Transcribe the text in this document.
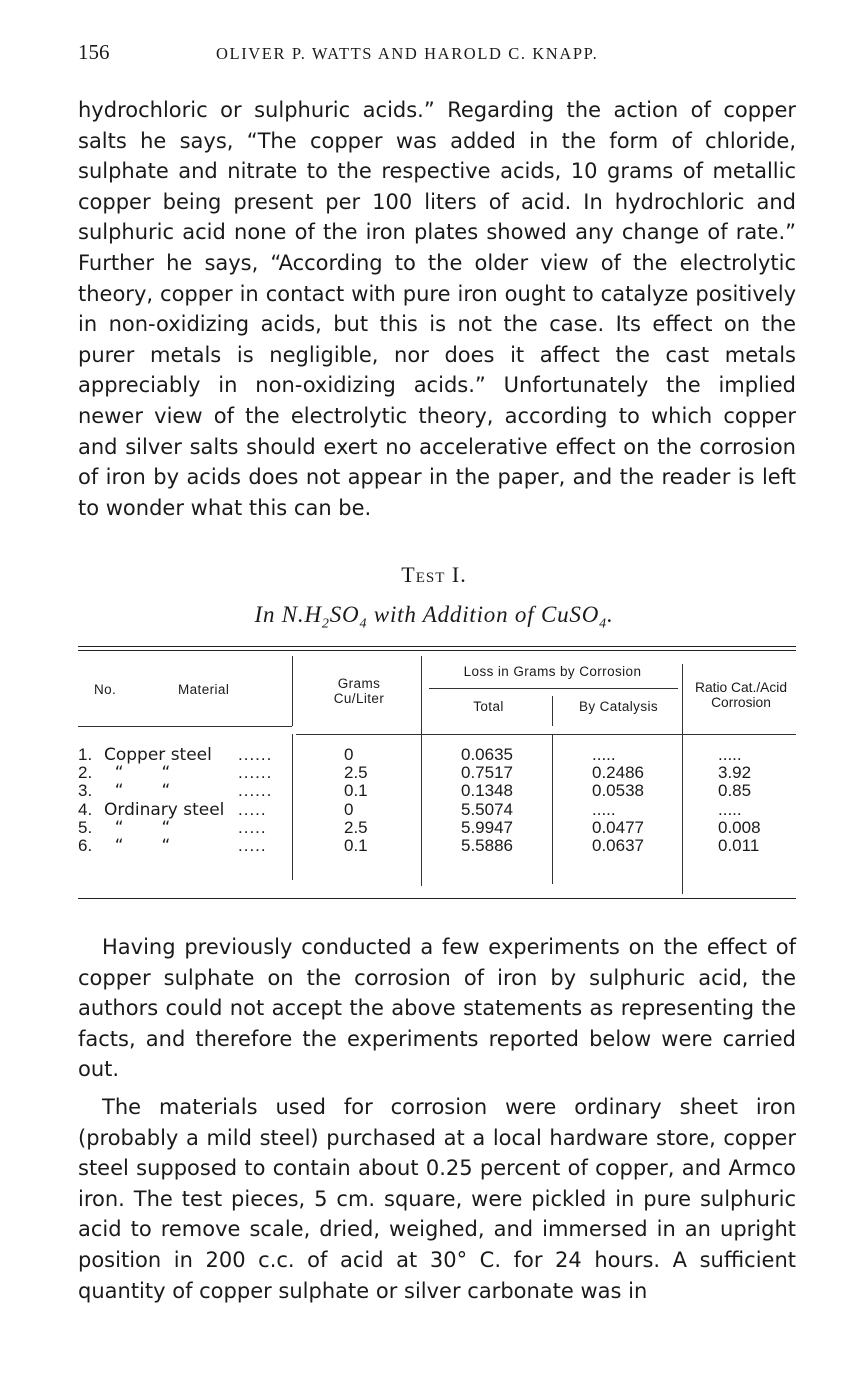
156	OLIVER P. WATTS AND HAROLD C. KNAPP.

hydrochloric or sulphuric acids.” Regarding the action of copper salts he says, “The copper was added in the form of chloride, sulphate and nitrate to the respective acids, 10 grams of metallic copper being present per 100 liters of acid. In hydrochloric and sulphuric acid none of the iron plates showed any change of rate.” Further he says, “According to the older view of the electrolytic theory, copper in contact with pure iron ought to catalyze positively in non-oxidizing acids, but this is not the case. Its effect on the purer metals is negligible, nor does it affect the cast metals appreciably in non-oxidizing acids.” Unfortunately the implied newer view of the electrolytic theory, according to which copper and silver salts should exert no accelerative effect on the corrosion of iron by acids does not appear in the paper, and the reader is left to wonder what this can be.

Test I.
In $N.H_2SO_4$ with Addition of CuSO$_4$.
No.	Material	Grams
Cu/Liter
Loss in Grams by Corrosion
Total	By Catalysis
Ratio Cat./Acid
Corrosion
1. Copper steel ......	0	0.0635	.....	.....
2. “       “	......	2.5	0.7517	0.2486	3.92
3. “       “	......	0.1	0.1348	0.0538	0.85
4. Ordinary steel .....	0	5.5074	.....	.....
5. “       “	.....	2.5	5.9947	0.0477	0.008
6. “       “	.....	0.1	5.5886	0.0637	0.011

Having previously conducted a few experiments on the effect of copper sulphate on the corrosion of iron by sulphuric acid, the authors could not accept the above statements as representing the facts, and therefore the experiments reported below were carried out.

The materials used for corrosion were ordinary sheet iron (probably a mild steel) purchased at a local hardware store, copper steel supposed to contain about 0.25 percent of copper, and Armco iron. The test pieces, 5 cm. square, were pickled in pure sulphuric acid to remove scale, dried, weighed, and immersed in an upright position in 200 c.c. of acid at 30° C. for 24 hours. A sufficient quantity of copper sulphate or silver carbonate was in
